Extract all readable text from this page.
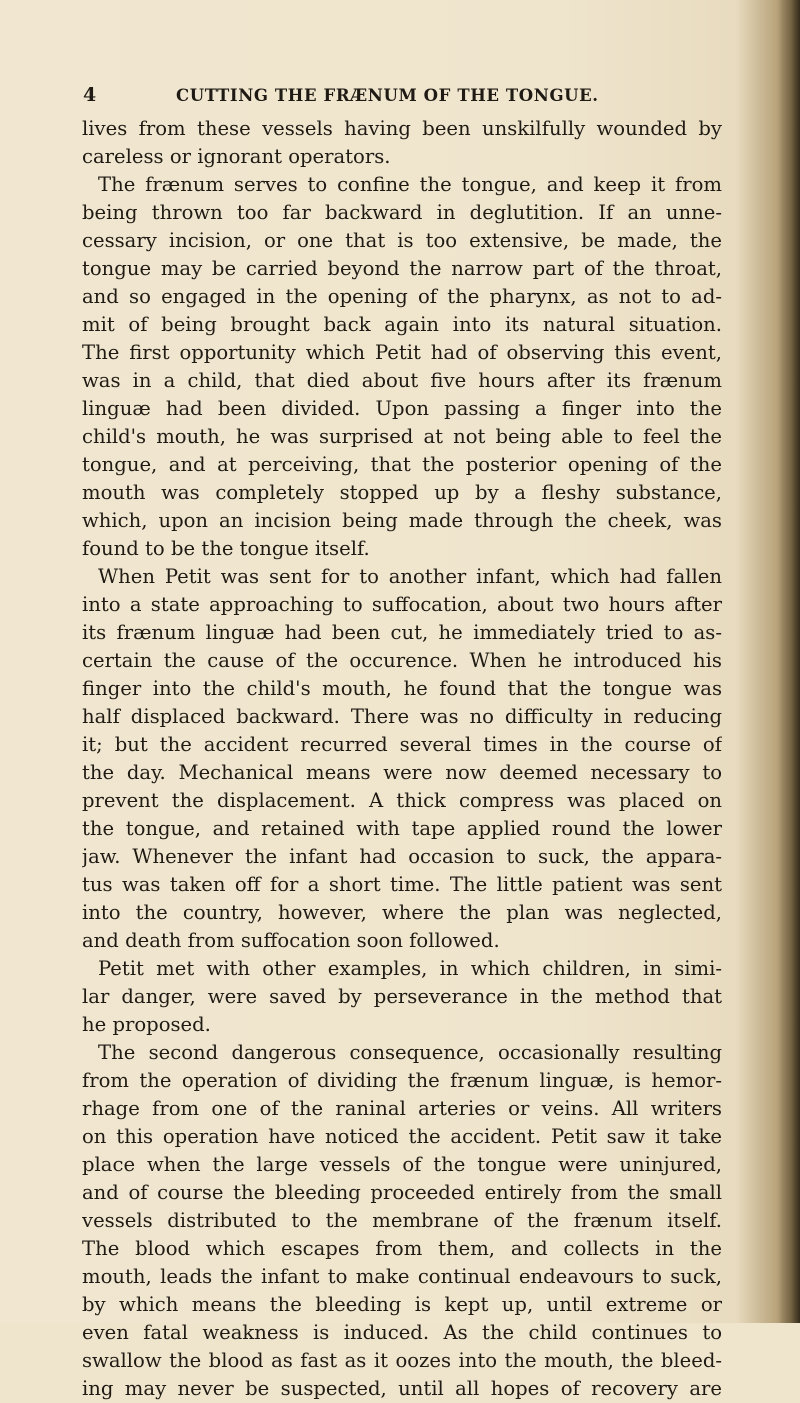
4	CUTTING THE FRÆNUM OF THE TONGUE.
lives from these vessels having been unskilfully wounded by
careless or ignorant operators.
The frænum serves to confine the tongue, and keep it from
being thrown too far backward in deglutition. If an unne-
cessary incision, or one that is too extensive, be made, the
tongue may be carried beyond the narrow part of the throat,
and so engaged in the opening of the pharynx, as not to ad-
mit of being brought back again into its natural situation.
The first opportunity which Petit had of observing this event,
was in a child, that died about five hours after its frænum
linguæ had been divided. Upon passing a finger into the
child's mouth, he was surprised at not being able to feel the
tongue, and at perceiving, that the posterior opening of the
mouth was completely stopped up by a fleshy substance,
which, upon an incision being made through the cheek, was
found to be the tongue itself.
When Petit was sent for to another infant, which had fallen
into a state approaching to suffocation, about two hours after
its frænum linguæ had been cut, he immediately tried to as-
certain the cause of the occurence. When he introduced his
finger into the child's mouth, he found that the tongue was
half displaced backward. There was no difficulty in reducing
it; but the accident recurred several times in the course of
the day. Mechanical means were now deemed necessary to
prevent the displacement. A thick compress was placed on
the tongue, and retained with tape applied round the lower
jaw. Whenever the infant had occasion to suck, the appara-
tus was taken off for a short time. The little patient was sent
into the country, however, where the plan was neglected,
and death from suffocation soon followed.
Petit met with other examples, in which children, in simi-
lar danger, were saved by perseverance in the method that
he proposed.
The second dangerous consequence, occasionally resulting
from the operation of dividing the frænum linguæ, is hemor-
rhage from one of the raninal arteries or veins. All writers
on this operation have noticed the accident. Petit saw it take
place when the large vessels of the tongue were uninjured,
and of course the bleeding proceeded entirely from the small
vessels distributed to the membrane of the frænum itself.
The blood which escapes from them, and collects in the
mouth, leads the infant to make continual endeavours to suck,
by which means the bleeding is kept up, until extreme or
even fatal weakness is induced. As the child continues to
swallow the blood as fast as it oozes into the mouth, the bleed-
ing may never be suspected, until all hopes of recovery are
